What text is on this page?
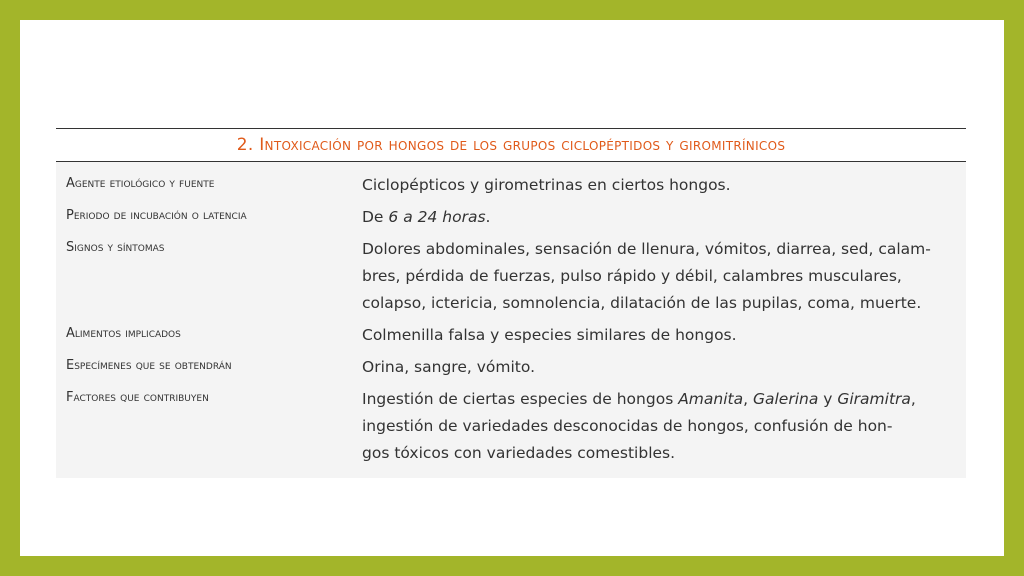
2. Intoxicación por hongos de los grupos ciclopéptidos y giromitrínicos
Agente etiológico y fuente	Ciclopépticos y girometrinas en ciertos hongos.
Periodo de incubación o latencia	De 6 a 24 horas.
Signos y síntomas	Dolores abdominales, sensación de llenura, vómitos, diarrea, sed, calam-
bres, pérdida de fuerzas, pulso rápido y débil, calambres musculares,
colapso, ictericia, somnolencia, dilatación de las pupilas, coma, muerte.
Alimentos implicados	Colmenilla falsa y especies similares de hongos.
Especímenes que se obtendrán	Orina, sangre, vómito.
Factores que contribuyen	Ingestión de ciertas especies de hongos Amanita, Galerina y Giramitra,
ingestión de variedades desconocidas de hongos, confusión de hon-
gos tóxicos con variedades comestibles.
